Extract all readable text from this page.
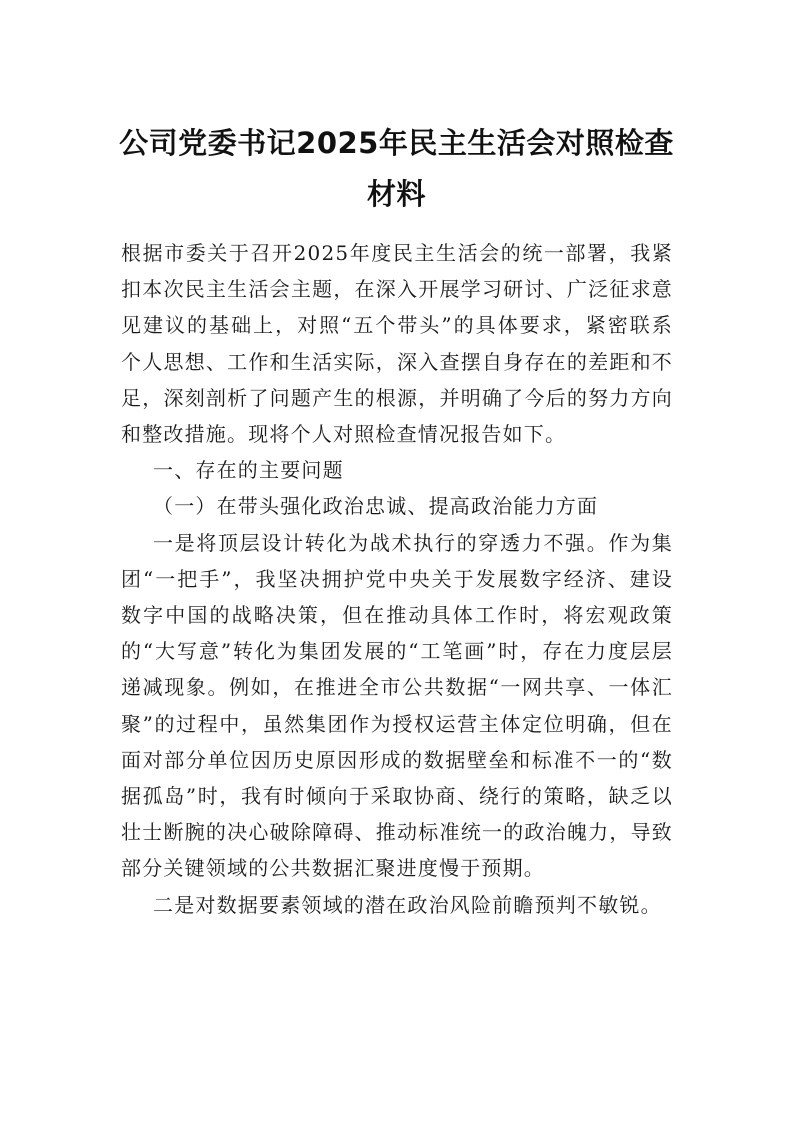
公司党委书记2025年民主生活会对照检查材料

根据市委关于召开2025年度民主生活会的统一部署，我紧扣本次民主生活会主题，在深入开展学习研讨、广泛征求意见建议的基础上，对照“五个带头”的具体要求，紧密联系个人思想、工作和生活实际，深入查摆自身存在的差距和不足，深刻剖析了问题产生的根源，并明确了今后的努力方向和整改措施。现将个人对照检查情况报告如下。

一、存在的主要问题

（一）在带头强化政治忠诚、提高政治能力方面

一是将顶层设计转化为战术执行的穿透力不强。作为集团“一把手”，我坚决拥护党中央关于发展数字经济、建设数字中国的战略决策，但在推动具体工作时，将宏观政策的“大写意”转化为集团发展的“工笔画”时，存在力度层层递减现象。例如，在推进全市公共数据“一网共享、一体汇聚”的过程中，虽然集团作为授权运营主体定位明确，但在面对部分单位因历史原因形成的数据壁垒和标准不一的“数据孤岛”时，我有时倾向于采取协商、绕行的策略，缺乏以壮士断腕的决心破除障碍、推动标准统一的政治魄力，导致部分关键领域的公共数据汇聚进度慢于预期。

二是对数据要素领域的潜在政治风险前瞻预判不敏锐。
